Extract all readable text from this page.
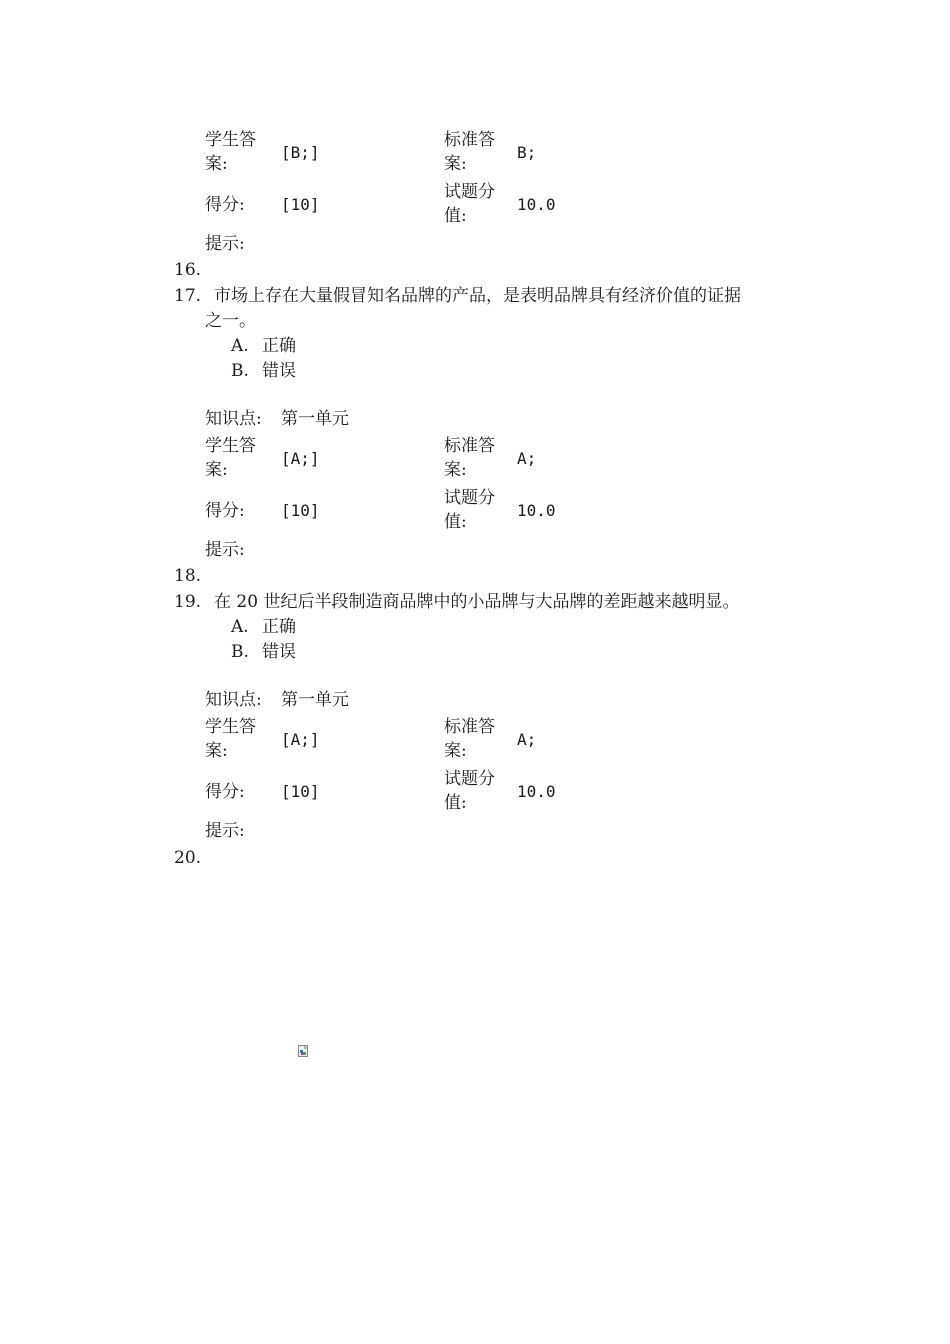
学生答案:
[B;]
标准答案:
B;
得分: [10]
试题分值:
10.0
提示:
16.
17. 市场上存在大量假冒知名品牌的产品，是表明品牌具有经济价值的证据
之一。
A. 正确
B. 错误
知识点: 第一单元
学生答案:
[A;]
标准答案:
A;
得分: [10]
试题分值:
10.0
提示:
18.
19. 在 20 世纪后半段制造商品牌中的小品牌与大品牌的差距越来越明显。
A. 正确
B. 错误
知识点: 第一单元
学生答案:
[A;]
标准答案:
A;
得分: [10]
试题分值:
10.0
提示:
20.
